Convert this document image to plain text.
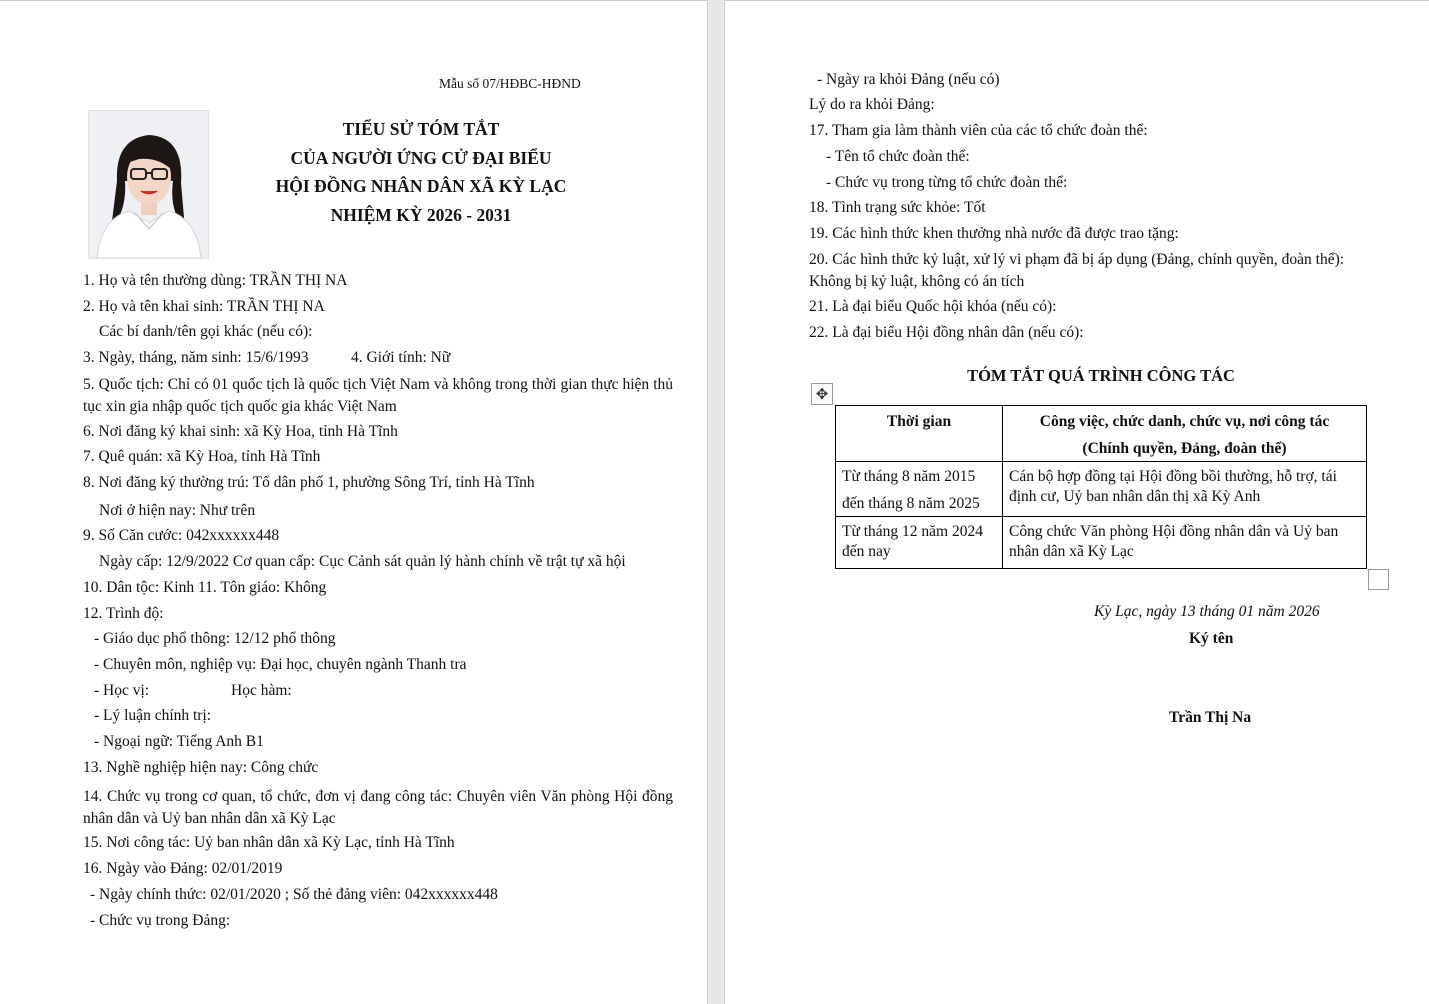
Mẫu số 07/HĐBC-HĐND
TIỂU SỬ TÓM TẮT
CỦA NGƯỜI ỨNG CỬ ĐẠI BIỂU
HỘI ĐỒNG NHÂN DÂN XÃ KỲ LẠC
NHIỆM KỲ 2026 - 2031
1. Họ và tên thường dùng: TRẦN THỊ NA
2. Họ và tên khai sinh: TRẦN THỊ NA
Các bí danh/tên gọi khác (nếu có):
3. Ngày, tháng, năm sinh: 15/6/1993	4. Giới tính: Nữ
5. Quốc tịch: Chỉ có 01 quốc tịch là quốc tịch Việt Nam và không trong thời gian thực hiện thủ tục xin gia nhập quốc tịch quốc gia khác Việt Nam
6. Nơi đăng ký khai sinh: xã Kỳ Hoa, tỉnh Hà Tĩnh
7. Quê quán: xã Kỳ Hoa, tỉnh Hà Tĩnh
8. Nơi đăng ký thường trú: Tổ dân phố 1, phường Sông Trí, tỉnh Hà Tĩnh
Nơi ở hiện nay: Như trên
9. Số Căn cước: 042xxxxxx448
Ngày cấp: 12/9/2022 Cơ quan cấp: Cục Cảnh sát quản lý hành chính về trật tự xã hội
10. Dân tộc: Kinh 11. Tôn giáo: Không
12. Trình độ:
- Giáo dục phổ thông: 12/12 phổ thông
- Chuyên môn, nghiệp vụ: Đại học, chuyên ngành Thanh tra
- Học vị:	Học hàm:
- Lý luận chính trị:
- Ngoại ngữ: Tiếng Anh B1
13. Nghề nghiệp hiện nay: Công chức
14. Chức vụ trong cơ quan, tổ chức, đơn vị đang công tác: Chuyên viên Văn phòng Hội đồng nhân dân và Uỷ ban nhân dân xã Kỳ Lạc
15. Nơi công tác: Uỷ ban nhân dân xã Kỳ Lạc, tỉnh Hà Tĩnh
16. Ngày vào Đảng: 02/01/2019
- Ngày chính thức: 02/01/2020 ; Số thẻ đảng viên: 042xxxxxx448
- Chức vụ trong Đảng:
- Ngày ra khỏi Đảng (nếu có)
Lý do ra khỏi Đảng:
17. Tham gia làm thành viên của các tổ chức đoàn thể:
- Tên tổ chức đoàn thể:
- Chức vụ trong từng tổ chức đoàn thể:
18. Tình trạng sức khỏe: Tốt
19. Các hình thức khen thưởng nhà nước đã được trao tặng:
20. Các hình thức kỷ luật, xử lý vi phạm đã bị áp dụng (Đảng, chính quyền, đoàn thể):
Không bị kỷ luật, không có án tích
21. Là đại biểu Quốc hội khóa (nếu có):
22. Là đại biểu Hội đồng nhân dân (nếu có):
TÓM TẮT QUÁ TRÌNH CÔNG TÁC
✥
Thời gian	Công việc, chức danh, chức vụ, nơi công tác
(Chính quyền, Đảng, đoàn thể)

Từ tháng 8 năm 2015
đến tháng 8 năm 2025	Cán bộ hợp đồng tại Hội đồng bồi thường, hỗ trợ, tái định cư, Uỷ ban nhân dân thị xã Kỳ Anh

Từ tháng 12 năm 2024
đến nay	Công chức Văn phòng Hội đồng nhân dân và Uỷ ban nhân dân xã Kỳ Lạc
Kỳ Lạc, ngày 13 tháng 01 năm 2026
Ký tên
Trần Thị Na
